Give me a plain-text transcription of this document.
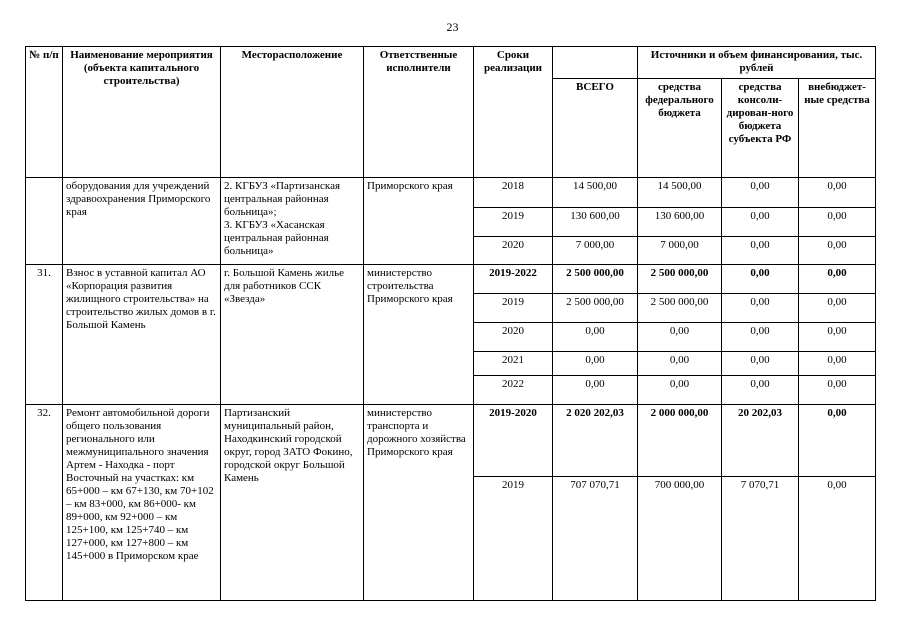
23
№ п/п	Наименование мероприятия (объекта капитального строительства)	Месторасположение	Ответственные исполнители	Сроки реализации		Источники и объем финансирования, тыс. рублей		
					ВСЕГО	средства федерального бюджета	средства консоли-дирован-ного бюджета субъекта РФ	внебюджет-ные средства
	оборудования для учреждений здравоохранения Приморского края	2. КГБУЗ «Партизанская центральная районная больница»;
3. КГБУЗ «Хасанская центральная районная больница»	Приморского края	2018	14 500,00	14 500,00	0,00	0,00
				2019	130 600,00	130 600,00	0,00	0,00
				2020	7 000,00	7 000,00	0,00	0,00
31.	Взнос в уставной капитал АО «Корпорация развития жилищного строительства» на строительство жилых домов в г. Большой Камень	г. Большой Камень жилье для работников ССК «Звезда»	министерство строительства Приморского края	2019-2022	2 500 000,00	2 500 000,00	0,00	0,00
				2019	2 500 000,00	2 500 000,00	0,00	0,00
				2020	0,00	0,00	0,00	0,00
				2021	0,00	0,00	0,00	0,00
				2022	0,00	0,00	0,00	0,00
32.	Ремонт автомобильной дороги общего пользования регионального или межмуниципального значения Артем - Находка - порт Восточный на участках: км 65+000 – км 67+130, км 70+102 – км 83+000, км 86+000- км 89+000, км 92+000 – км 125+100, км 125+740 – км 127+000, км 127+800 – км 145+000 в Приморском крае	Партизанский муниципальный район, Находкинский городской округ, город ЗАТО Фокино, городской округ Большой Камень	министерство транспорта и дорожного хозяйства Приморского края	2019-2020	2 020 202,03	2 000 000,00	20 202,03	0,00
				2019	707 070,71	700 000,00	7 070,71	0,00
